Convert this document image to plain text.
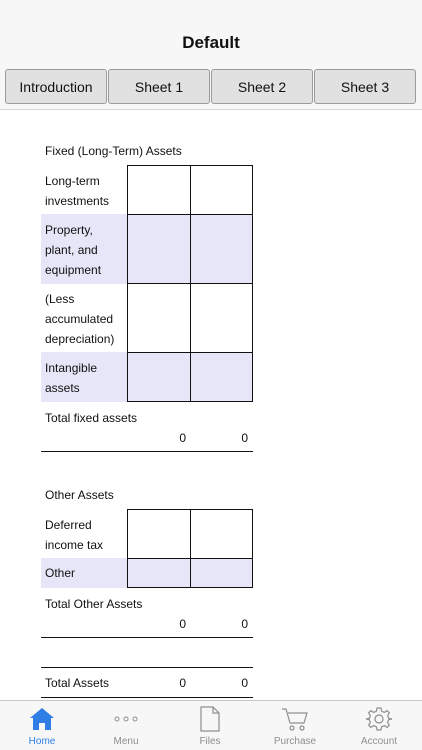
Default
Introduction	Sheet 1	Sheet 2	Sheet 3
Fixed (Long-Term) Assets
Long-term investments
Property, plant, and equipment
(Less accumulated depreciation)
Intangible assets
Total fixed assets
0	0
Other Assets
Deferred income tax
Other
Total Other Assets
0	0
Total Assets	0	0
Home	Menu	Files	Purchase	Account
